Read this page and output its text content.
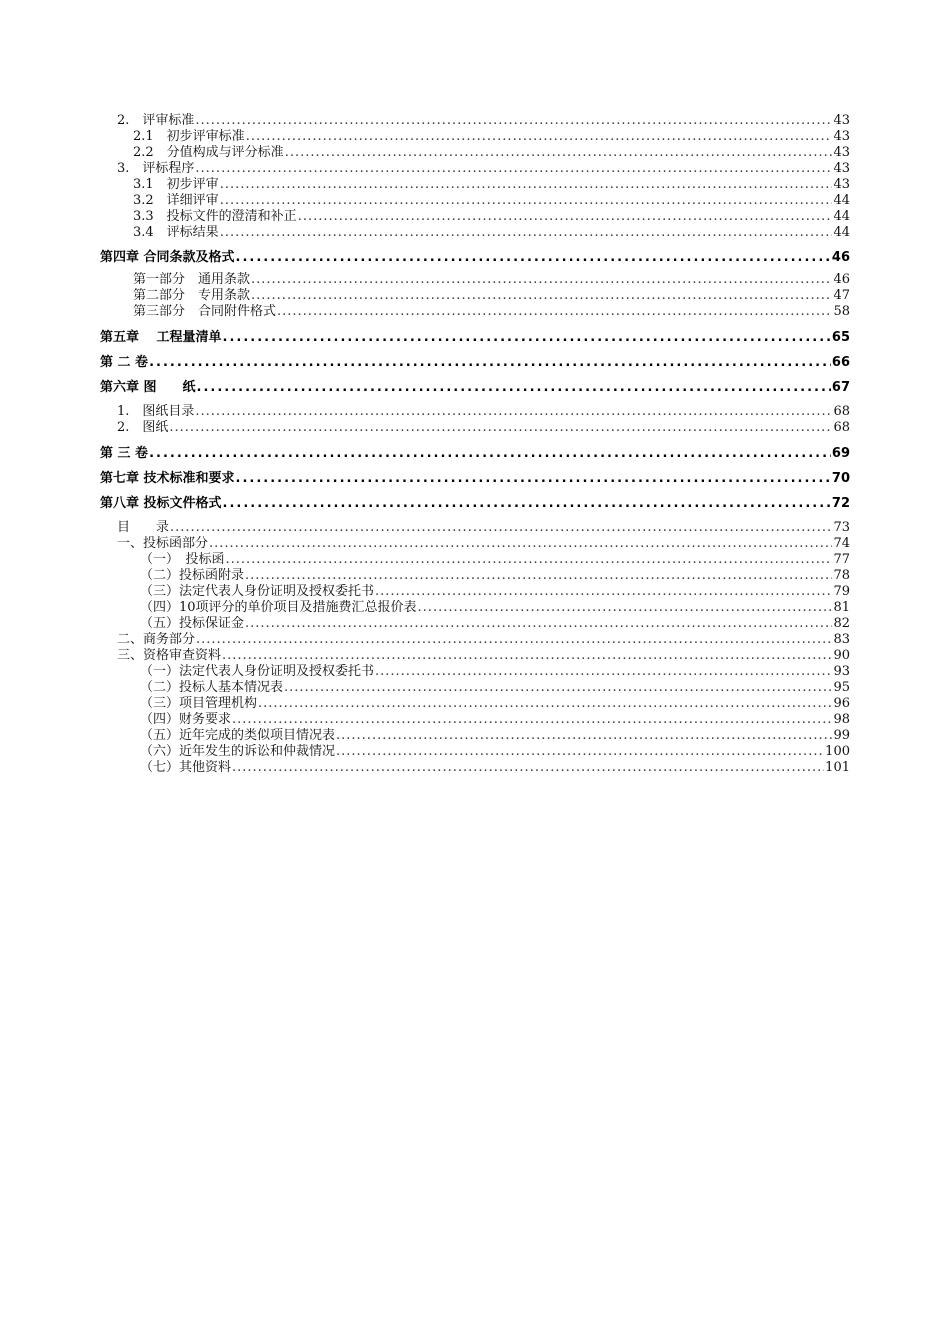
2.　评审标准 .....	43
2.1　初步评审标准 .....	43
2.2　分值构成与评分标准 .....	43
3.　评标程序 .....	43
3.1　初步评审 .....	43
3.2　详细评审 .....	44
3.3　投标文件的澄清和补正 .....	44
3.4　评标结果 .....	44
第四章 合同条款及格式 .....	46
第一部分　通用条款 .....	46
第二部分　专用条款 .....	47
第三部分　合同附件格式 .....	58
第五章　 工程量清单 .....	65
第 二 卷 .....	66
第六章 图　　纸 .....	67
1.　图纸目录 .....	68
2.　图纸 .....	68
第 三 卷 .....	69
第七章 技术标准和要求 .....	70
第八章 投标文件格式 .....	72
目　　录 .....	73
一、投标函部分 .....	74
（一）　投标函 .....	77
（二）投标函附录 .....	78
（三）法定代表人身份证明及授权委托书 .....	79
（四）10项评分的单价项目及措施费汇总报价表 .....	81
（五）投标保证金 .....	82
二、商务部分 .....	83
三、资格审查资料 .....	90
（一）法定代表人身份证明及授权委托书 .....	93
（二）投标人基本情况表 .....	95
（三）项目管理机构 .....	96
（四）财务要求 .....	98
（五）近年完成的类似项目情况表 .....	99
（六）近年发生的诉讼和仲裁情况 .....	100
（七）其他资料 .....	101
